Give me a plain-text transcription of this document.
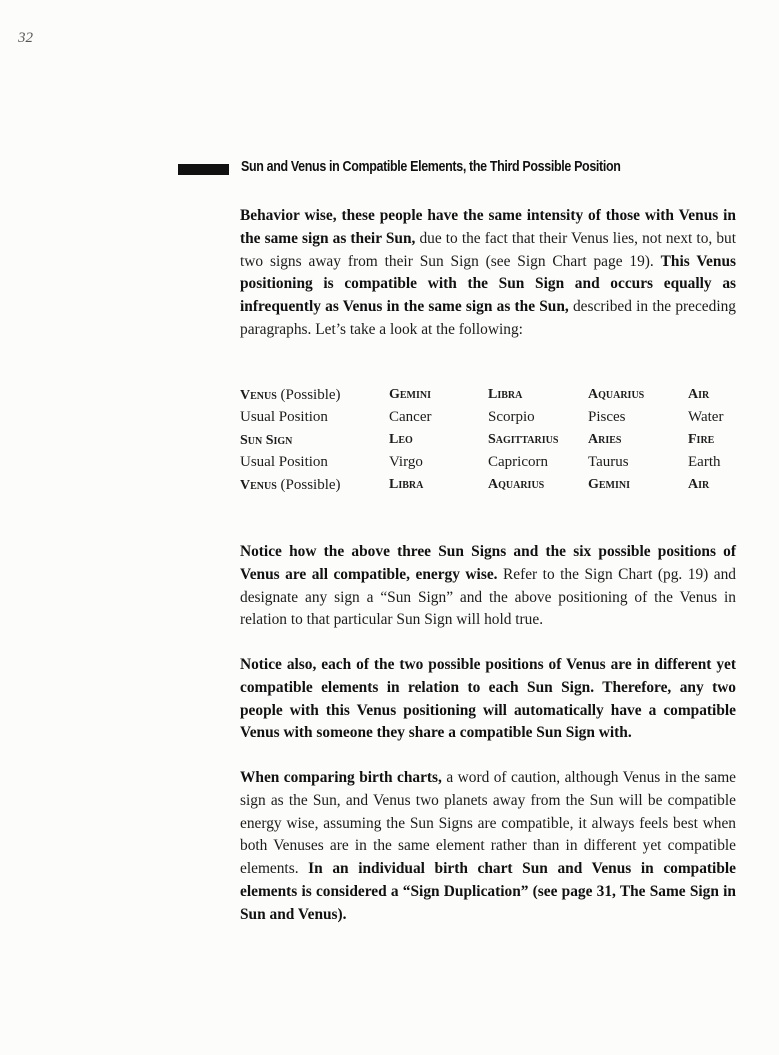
32
Sun and Venus in Compatible Elements, the Third Possible Position

Behavior wise, these people have the same intensity of those with Venus in the same sign as their Sun, due to the fact that their Venus lies, not next to, but two signs away from their Sun Sign (see Sign Chart page 19). This Venus positioning is compatible with the Sun Sign and occurs equally as infrequently as Venus in the same sign as the Sun, described in the preceding paragraphs. Let’s take a look at the following:

Venus (Possible)	Gemini	Libra	Aquarius	Air
Usual Position	Cancer	Scorpio	Pisces	Water
Sun Sign	Leo	Sagittarius	Aries	Fire
Usual Position	Virgo	Capricorn	Taurus	Earth
Venus (Possible)	Libra	Aquarius	Gemini	Air

Notice how the above three Sun Signs and the six possible positions of Venus are all compatible, energy wise. Refer to the Sign Chart (pg. 19) and designate any sign a “Sun Sign” and the above positioning of the Venus in relation to that particular Sun Sign will hold true.

Notice also, each of the two possible positions of Venus are in different yet compatible elements in relation to each Sun Sign. Therefore, any two people with this Venus positioning will automatically have a compatible Venus with someone they share a compatible Sun Sign with.

When comparing birth charts, a word of caution, although Venus in the same sign as the Sun, and Venus two planets away from the Sun will be compatible energy wise, assuming the Sun Signs are compatible, it always feels best when both Venuses are in the same element rather than in different yet compatible elements. In an individual birth chart Sun and Venus in compatible elements is considered a “Sign Duplication” (see page 31, The Same Sign in Sun and Venus).
